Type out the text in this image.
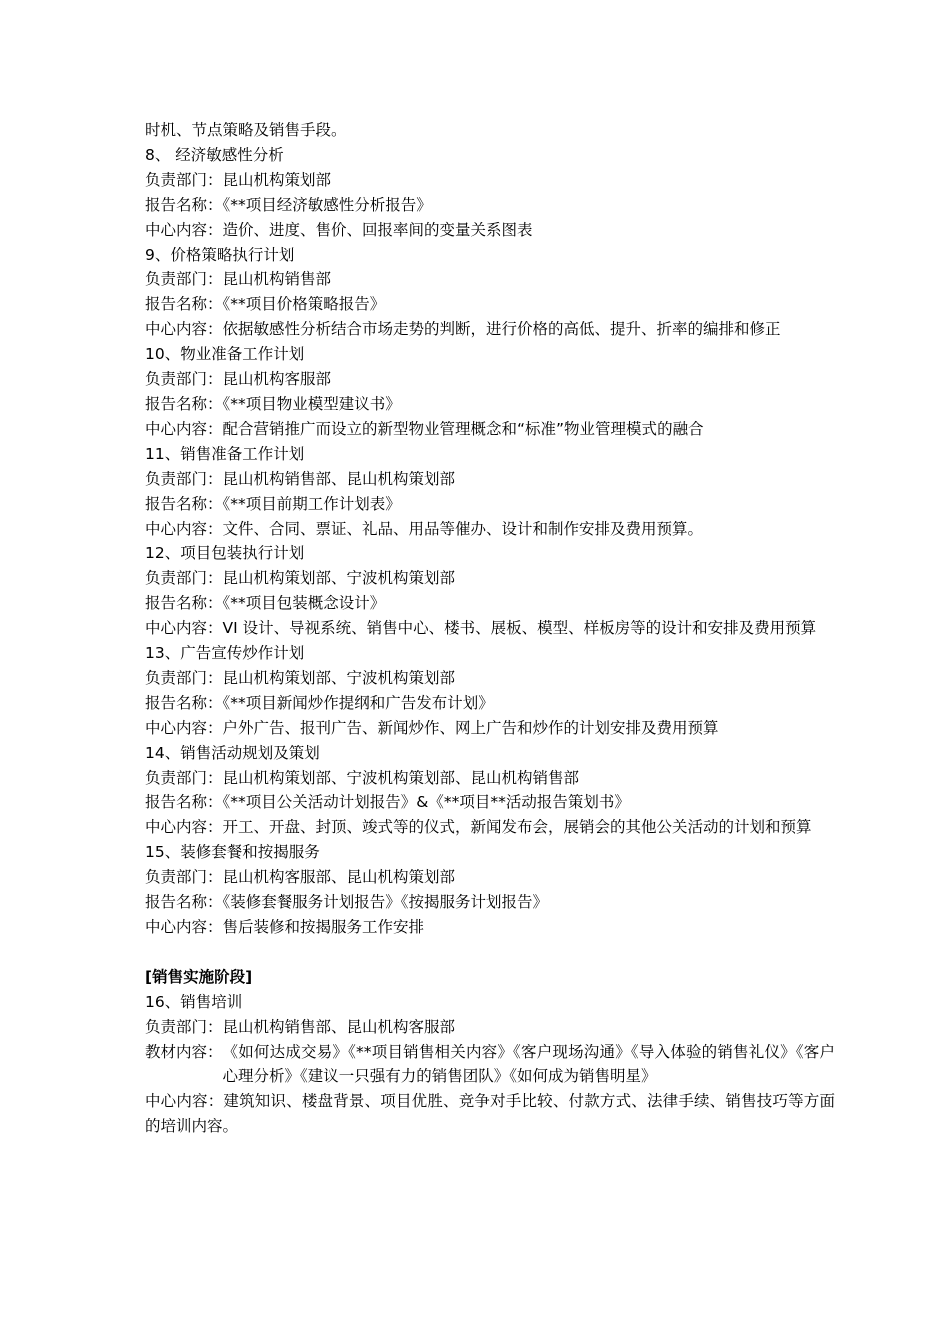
时机、节点策略及销售手段。
8、 经济敏感性分析
负责部门：昆山机构策划部
报告名称：《**项目经济敏感性分析报告》
中心内容：造价、进度、售价、回报率间的变量关系图表
9、价格策略执行计划
负责部门：昆山机构销售部
报告名称：《**项目价格策略报告》
中心内容：依据敏感性分析结合市场走势的判断，进行价格的高低、提升、折率的编排和修正
10、物业准备工作计划
负责部门：昆山机构客服部
报告名称：《**项目物业模型建议书》
中心内容：配合营销推广而设立的新型物业管理概念和“标准”物业管理模式的融合
11、销售准备工作计划
负责部门：昆山机构销售部、昆山机构策划部
报告名称：《**项目前期工作计划表》
中心内容：文件、合同、票证、礼品、用品等催办、设计和制作安排及费用预算。
12、项目包装执行计划
负责部门：昆山机构策划部、宁波机构策划部
报告名称：《**项目包装概念设计》
中心内容：VI 设计、导视系统、销售中心、楼书、展板、模型、样板房等的设计和安排及费用预算
13、广告宣传炒作计划
负责部门：昆山机构策划部、宁波机构策划部
报告名称：《**项目新闻炒作提纲和广告发布计划》
中心内容：户外广告、报刊广告、新闻炒作、网上广告和炒作的计划安排及费用预算
14、销售活动规划及策划
负责部门：昆山机构策划部、宁波机构策划部、昆山机构销售部
报告名称：《**项目公关活动计划报告》&《**项目**活动报告策划书》
中心内容：开工、开盘、封顶、竣式等的仪式，新闻发布会，展销会的其他公关活动的计划和预算
15、装修套餐和按揭服务
负责部门：昆山机构客服部、昆山机构策划部
报告名称：《装修套餐服务计划报告》《按揭服务计划报告》
中心内容：售后装修和按揭服务工作安排
[销售实施阶段]
16、销售培训
负责部门：昆山机构销售部、昆山机构客服部
教材内容： 《如何达成交易》《**项目销售相关内容》《客户现场沟通》《导入体验的销售礼仪》《客户心理分析》《建议一只强有力的销售团队》《如何成为销售明星》
中心内容：建筑知识、楼盘背景、项目优胜、竞争对手比较、付款方式、法律手续、销售技巧等方面的培训内容。
